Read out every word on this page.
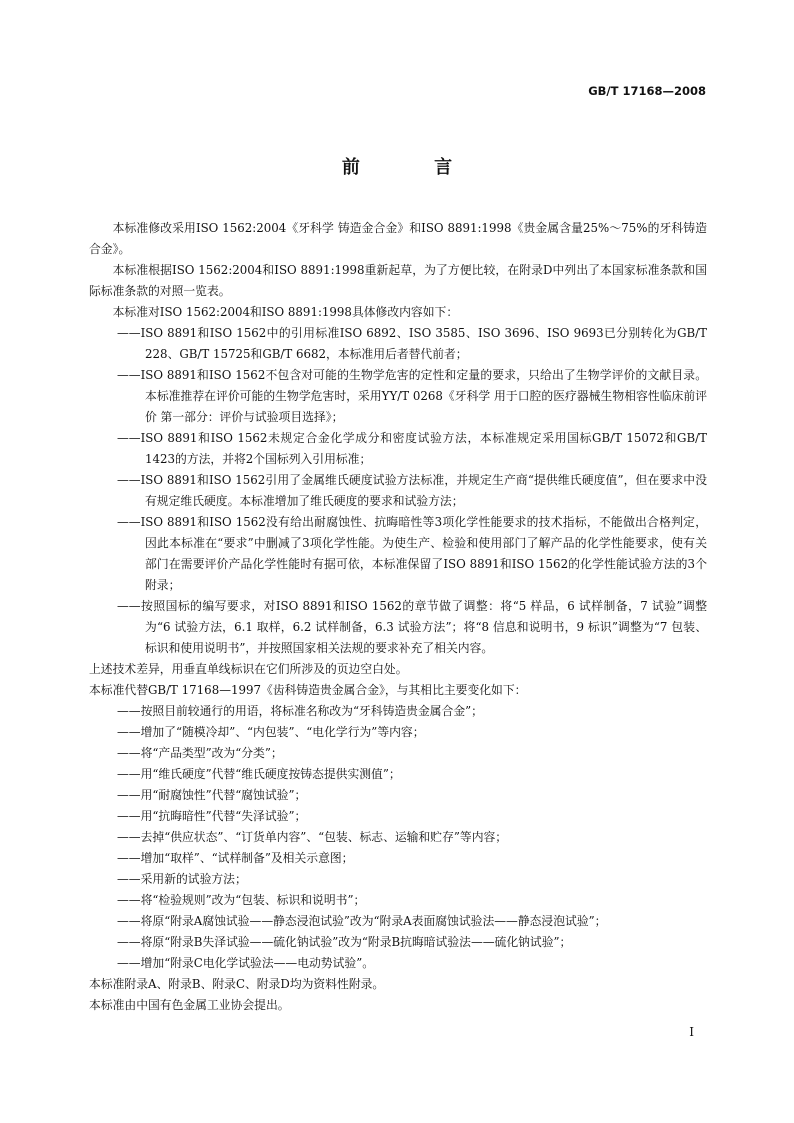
GB/T 17168—2008
前 言

本标准修改采用ISO 1562:2004《牙科学 铸造金合金》和ISO 8891:1998《贵金属含量25%～75%的牙科铸造合金》。

本标准根据ISO 1562:2004和ISO 8891:1998重新起草，为了方便比较，在附录D中列出了本国家标准条款和国际标准条款的对照一览表。

本标准对ISO 1562:2004和ISO 8891:1998具体修改内容如下：

——ISO 8891和ISO 1562中的引用标准ISO 6892、ISO 3585、ISO 3696、ISO 9693已分别转化为GB/T 228、GB/T 15725和GB/T 6682，本标准用后者替代前者；

——ISO 8891和ISO 1562不包含对可能的生物学危害的定性和定量的要求，只给出了生物学评价的文献目录。本标准推荐在评价可能的生物学危害时，采用YY/T 0268《牙科学 用于口腔的医疗器械生物相容性临床前评价 第一部分：评价与试验项目选择》；

——ISO 8891和ISO 1562未规定合金化学成分和密度试验方法，本标准规定采用国标GB/T 15072和GB/T 1423的方法，并将2个国标列入引用标准；

——ISO 8891和ISO 1562引用了金属维氏硬度试验方法标准，并规定生产商“提供维氏硬度值”，但在要求中没有规定维氏硬度。本标准增加了维氏硬度的要求和试验方法；

——ISO 8891和ISO 1562没有给出耐腐蚀性、抗晦暗性等3项化学性能要求的技术指标，不能做出合格判定，因此本标准在“要求”中删减了3项化学性能。为使生产、检验和使用部门了解产品的化学性能要求，使有关部门在需要评价产品化学性能时有据可依，本标准保留了ISO 8891和ISO 1562的化学性能试验方法的3个附录；

——按照国标的编写要求，对ISO 8891和ISO 1562的章节做了调整：将“5 样品，6 试样制备，7 试验”调整为“6 试验方法，6.1 取样，6.2 试样制备，6.3 试验方法”；将“8 信息和说明书，9 标识”调整为“7 包装、标识和使用说明书”，并按照国家相关法规的要求补充了相关内容。

上述技术差异，用垂直单线标识在它们所涉及的页边空白处。

本标准代替GB/T 17168—1997《齿科铸造贵金属合金》，与其相比主要变化如下：

——按照目前较通行的用语，将标准名称改为“牙科铸造贵金属合金”；

——增加了“随模冷却”、“内包装”、“电化学行为”等内容；

——将“产品类型”改为“分类”；

——用“维氏硬度”代替“维氏硬度按铸态提供实测值”；

——用“耐腐蚀性”代替“腐蚀试验”；

——用“抗晦暗性”代替“失泽试验”；

——去掉“供应状态”、“订货单内容”、“包装、标志、运输和贮存”等内容；

——增加“取样”、“试样制备”及相关示意图；

——采用新的试验方法；

——将“检验规则”改为“包装、标识和说明书”；

——将原“附录A腐蚀试验——静态浸泡试验”改为“附录A表面腐蚀试验法——静态浸泡试验”；

——将原“附录B失泽试验——硫化钠试验”改为“附录B抗晦暗试验法——硫化钠试验”；

——增加“附录C电化学试验法——电动势试验”。

本标准附录A、附录B、附录C、附录D均为资料性附录。

本标准由中国有色金属工业协会提出。

I
